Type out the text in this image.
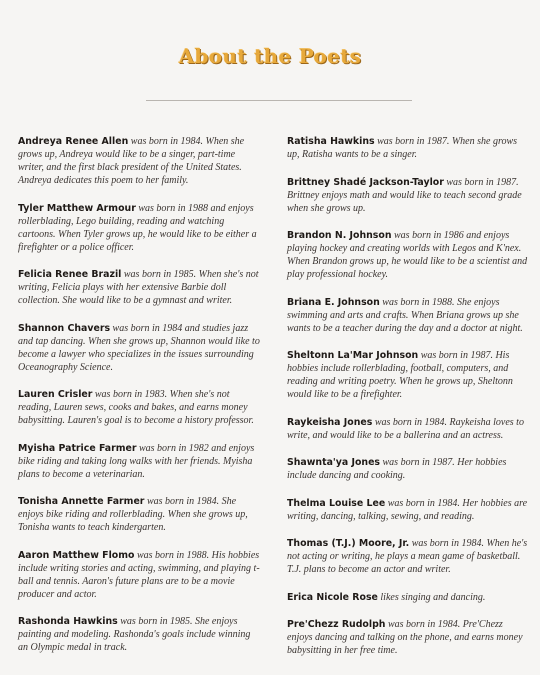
About the Poets

Andreya Renee Allen was born in 1984. When she grows up, Andreya would like to be a singer, part-time writer, and the first black president of the United States. Andreya dedicates this poem to her family.

Tyler Matthew Armour was born in 1988 and enjoys rollerblading, Lego building, reading and watching cartoons. When Tyler grows up, he would like to be either a firefighter or a police officer.

Felicia Renee Brazil was born in 1985. When she's not writing, Felicia plays with her extensive Barbie doll collection. She would like to be a gymnast and writer.

Shannon Chavers was born in 1984 and studies jazz and tap dancing. When she grows up, Shannon would like to become a lawyer who specializes in the issues surrounding Oceanography Science.

Lauren Crisler was born in 1983. When she's not reading, Lauren sews, cooks and bakes, and earns money babysitting. Lauren's goal is to become a history professor.

Myisha Patrice Farmer was born in 1982 and enjoys bike riding and taking long walks with her friends. Myisha plans to become a veterinarian.

Tonisha Annette Farmer was born in 1984. She enjoys bike riding and rollerblading. When she grows up, Tonisha wants to teach kindergarten.

Aaron Matthew Flomo was born in 1988. His hobbies include writing stories and acting, swimming, and playing t-ball and tennis. Aaron's future plans are to be a movie producer and actor.

Rashonda Hawkins was born in 1985. She enjoys painting and modeling. Rashonda's goals include winning an Olympic medal in track.

Ratisha Hawkins was born in 1987. When she grows up, Ratisha wants to be a singer.

Brittney Shadé Jackson-Taylor was born in 1987. Brittney enjoys math and would like to teach second grade when she grows up.

Brandon N. Johnson was born in 1986 and enjoys playing hockey and creating worlds with Legos and K'nex. When Brandon grows up, he would like to be a scientist and play professional hockey.

Briana E. Johnson was born in 1988. She enjoys swimming and arts and crafts. When Briana grows up she wants to be a teacher during the day and a doctor at night.

Sheltonn La'Mar Johnson was born in 1987. His hobbies include rollerblading, football, computers, and reading and writing poetry. When he grows up, Sheltonn would like to be a firefighter.

Raykeisha Jones was born in 1984. Raykeisha loves to write, and would like to be a ballerina and an actress.

Shawnta'ya Jones was born in 1987. Her hobbies include dancing and cooking.

Thelma Louise Lee was born in 1984. Her hobbies are writing, dancing, talking, sewing, and reading.

Thomas (T.J.) Moore, Jr. was born in 1984. When he's not acting or writing, he plays a mean game of basketball. T.J. plans to become an actor and writer.

Erica Nicole Rose likes singing and dancing.

Pre'Chezz Rudolph was born in 1984. Pre'Chezz enjoys dancing and talking on the phone, and earns money babysitting in her free time.
